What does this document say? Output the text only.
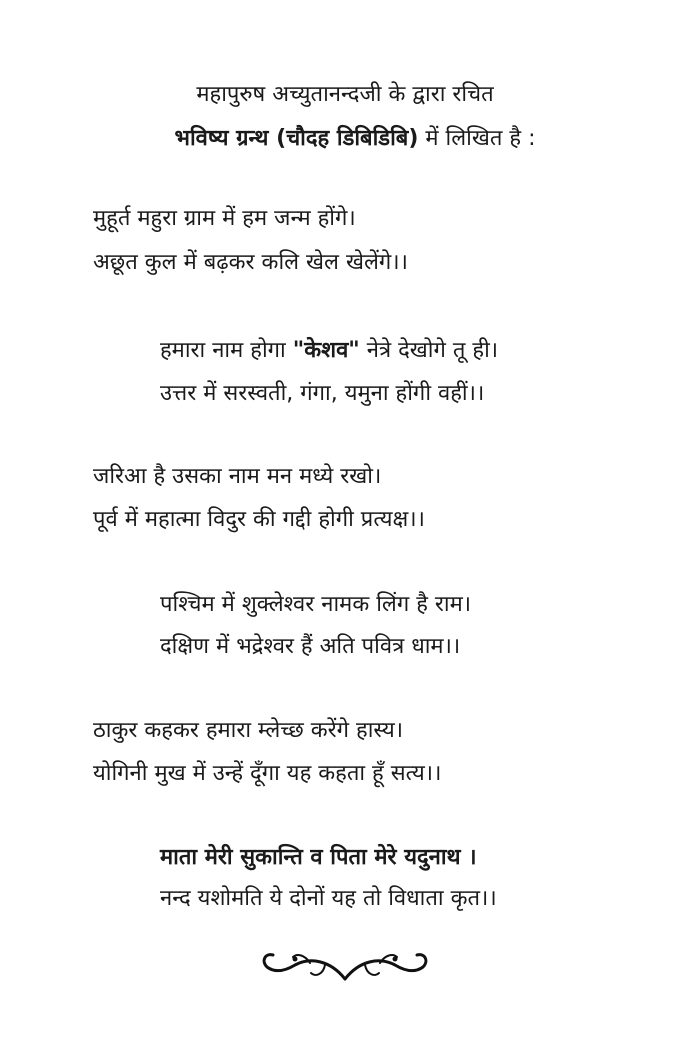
महापुरुष अच्युतानन्दजी के द्वारा रचित
भविष्य ग्रन्थ (चौदह डिबिडिबि) में लिखित है :
मुहूर्त महुरा ग्राम में हम जन्म होंगे।
अछूत कुल में बढ़कर कलि खेल खेलेंगे।।
हमारा नाम होगा "केशव" नेत्रे देखोगे तू ही।
उत्तर में सरस्वती, गंगा, यमुना होंगी वहीं।।
जरिआ है उसका नाम मन मध्ये रखो।
पूर्व में महात्मा विदुर की गद्दी होगी प्रत्यक्ष।।
पश्चिम में शुक्लेश्वर नामक लिंग है राम।
दक्षिण में भद्रेश्वर हैं अति पवित्र धाम।।
ठाकुर कहकर हमारा म्लेच्छ करेंगे हास्य।
योगिनी मुख में उन्हें दूँगा यह कहता हूँ सत्य।।
माता मेरी सुकान्ति व पिता मेरे यदुनाथ ।
नन्द यशोमति ये दोनों यह तो विधाता कृत।।
